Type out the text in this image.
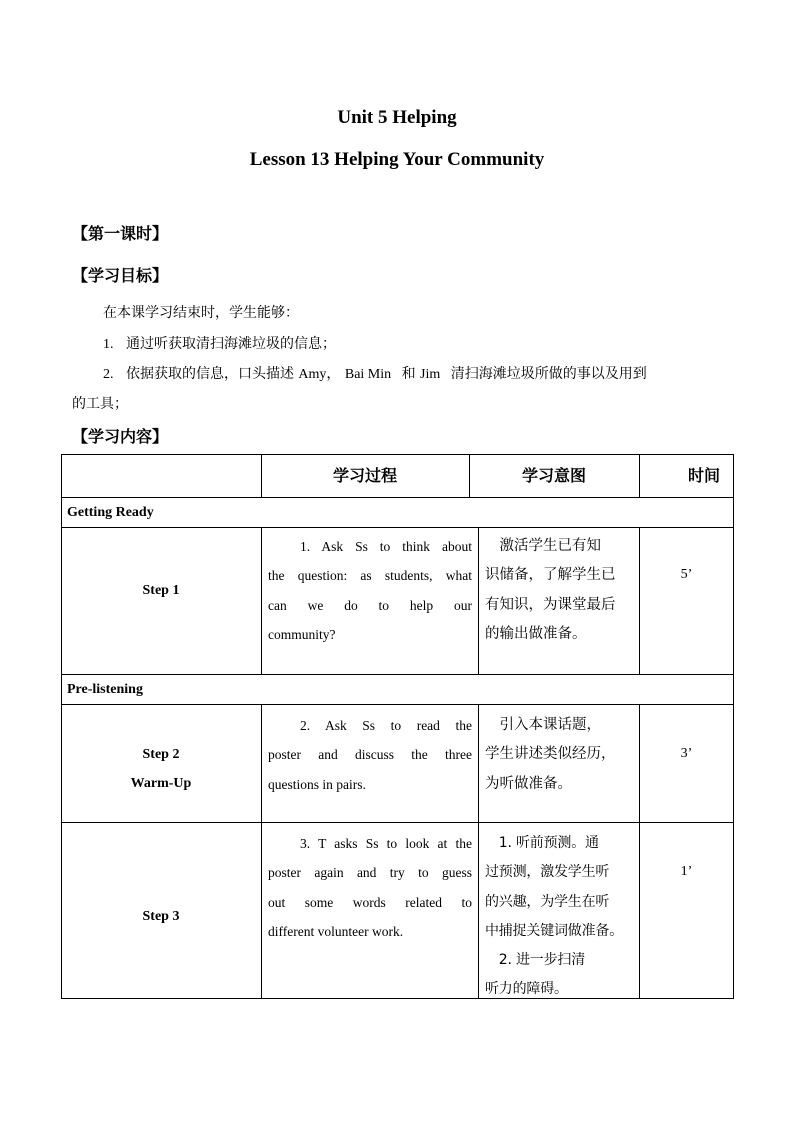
Unit 5 Helping
Lesson 13 Helping Your Community
【第一课时】
【学习目标】
在本课学习结束时，学生能够：
1. 通过听获取清扫海滩垃圾的信息；
2. 依据获取的信息，口头描述 Amy， Bai Min 和 Jim 清扫海滩垃圾所做的事以及用到
的工具；
【学习内容】
学习过程	学习意图	时间
Getting Ready
Step 1
1. Ask Ss to think about
the question: as students, what
can we do to help our
community?
　激活学生已有知
识储备，了解学生已
有知识，为课堂最后
的输出做准备。
5’
Pre-listening
Step 2
Warm-Up
2. Ask Ss to read the
poster and discuss the three
questions in pairs.
　引入本课话题，
学生讲述类似经历，
为听做准备。
3’
Step 3
3. T asks Ss to look at the
poster again and try to guess
out some words related to
different volunteer work.
　1. 听前预测。通
过预测，激发学生听
的兴趣，为学生在听
中捕捉关键词做准备。
　2. 进一步扫清
听力的障碍。
1’
